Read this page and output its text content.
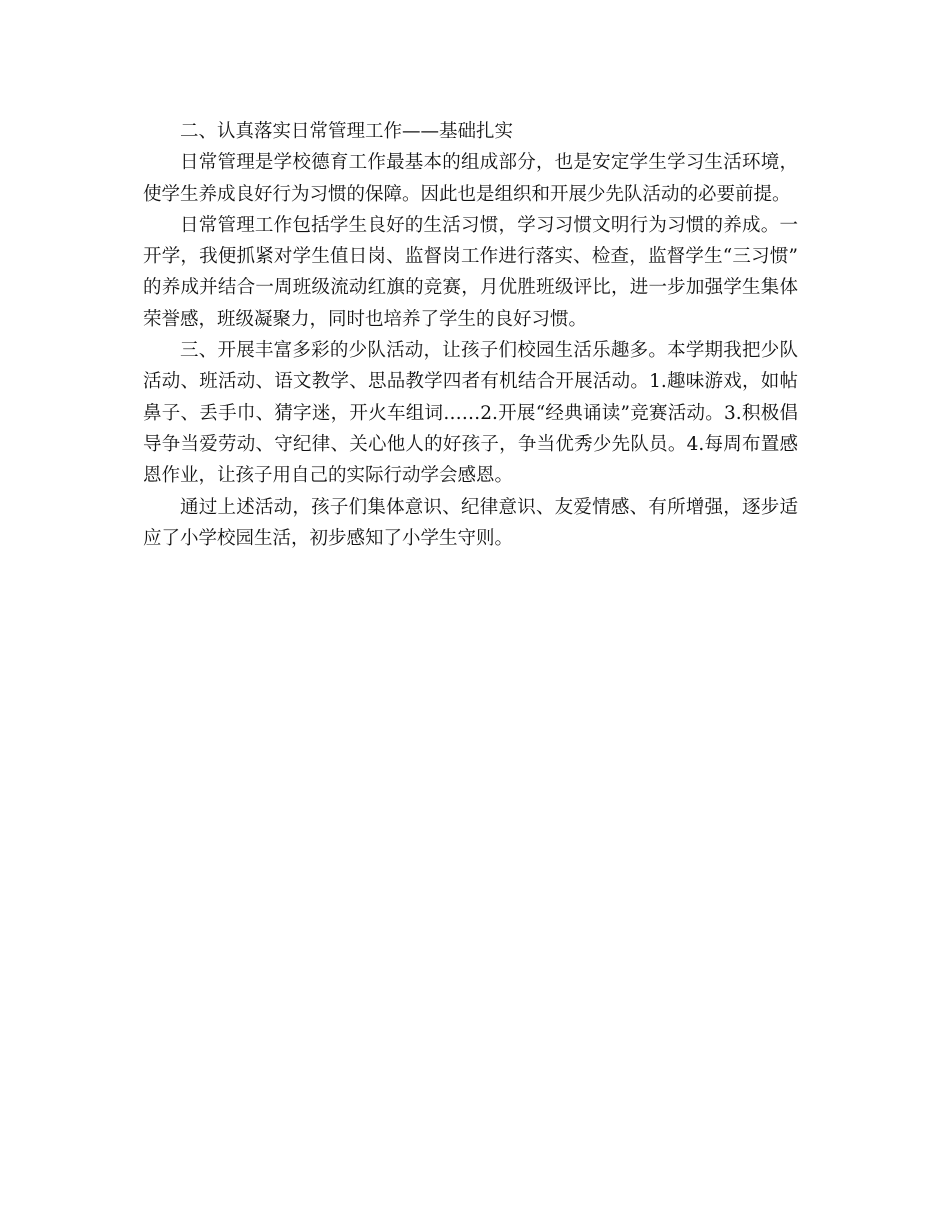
二、认真落实日常管理工作——基础扎实

日常管理是学校德育工作最基本的组成部分，也是安定学生学习生活环境，使学生养成良好行为习惯的保障。因此也是组织和开展少先队活动的必要前提。

日常管理工作包括学生良好的生活习惯，学习习惯文明行为习惯的养成。一开学，我便抓紧对学生值日岗、监督岗工作进行落实、检查，监督学生“三习惯”的养成并结合一周班级流动红旗的竞赛，月优胜班级评比，进一步加强学生集体荣誉感，班级凝聚力，同时也培养了学生的良好习惯。

三、开展丰富多彩的少队活动，让孩子们校园生活乐趣多。本学期我把少队活动、班活动、语文教学、思品教学四者有机结合开展活动。1.趣味游戏，如帖鼻子、丢手巾、猜字迷，开火车组词……2.开展“经典诵读”竞赛活动。3.积极倡导争当爱劳动、守纪律、关心他人的好孩子，争当优秀少先队员。4.每周布置感恩作业，让孩子用自己的实际行动学会感恩。

通过上述活动，孩子们集体意识、纪律意识、友爱情感、有所增强，逐步适应了小学校园生活，初步感知了小学生守则。
